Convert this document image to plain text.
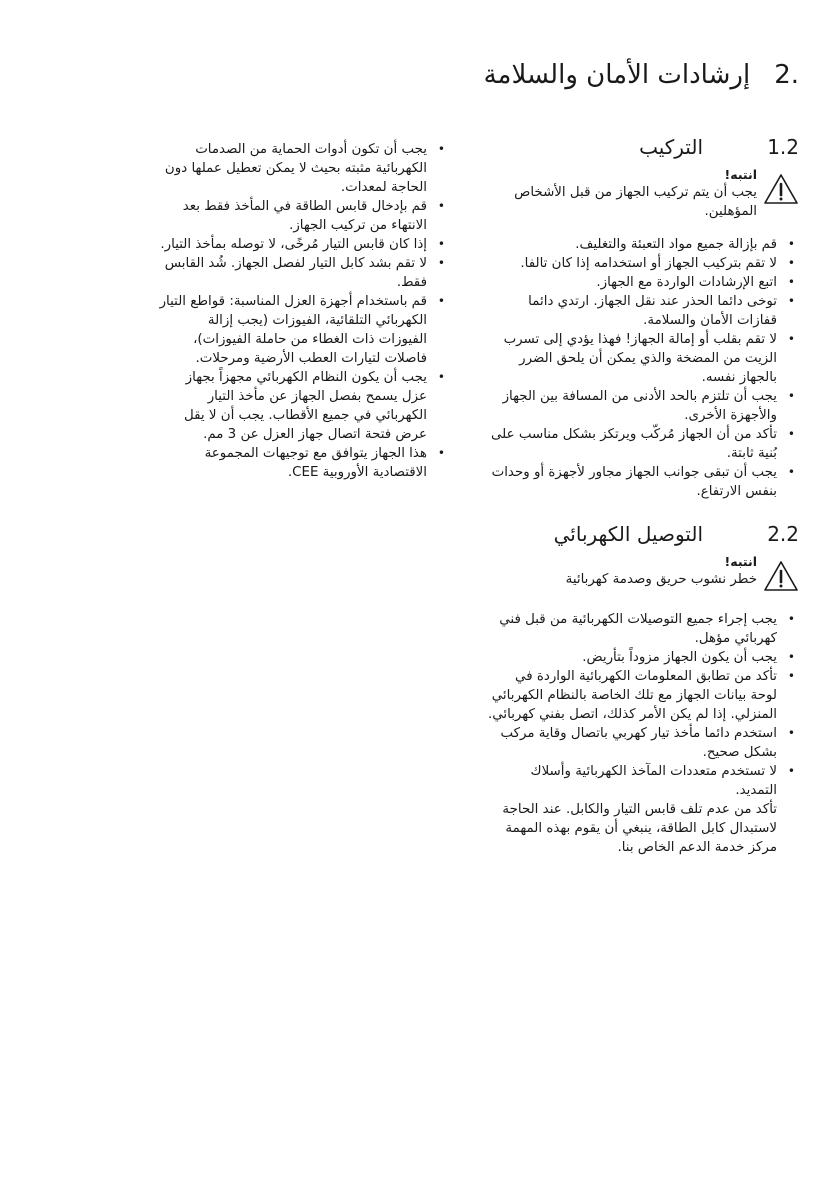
2.
إرشادات الأمان والسلامة
التركيب	1.2
انتبه!
يجب أن يتم تركيب الجهاز من قبل الأشخاص المؤهلين.
• قم بإزالة جميع مواد التعبئة والتغليف.
• لا تقم بتركيب الجهاز أو استخدامه إذا كان تالفا.
• اتبع الإرشادات الواردة مع الجهاز.
• توخى دائما الحذر عند نقل الجهاز. ارتدي دائما قفازات الأمان والسلامة.
• لا تقم بقلب أو إمالة الجهاز! فهذا يؤدي إلى تسرب الزيت من المضخة والذي يمكن أن يلحق الضرر بالجهاز نفسه.
• يجب أن تلتزم بالحد الأدنى من المسافة بين الجهاز والأجهزة الأخرى.
• تأكد من أن الجهاز مُركّب ويرتكز بشكل مناسب على بُنية ثابتة.
• يجب أن تبقى جوانب الجهاز مجاور لأجهزة أو وحدات بنفس الارتفاع.
التوصيل الكهربائي	2.2
انتبه!
خطر نشوب حريق وصدمة كهربائية
• يجب إجراء جميع التوصيلات الكهربائية من قبل فني كهربائي مؤهل.
• يجب أن يكون الجهاز مزوداً بتأريض.
• تأكد من تطابق المعلومات الكهربائية الواردة في لوحة بيانات الجهاز مع تلك الخاصة بالنظام الكهربائي المنزلي. إذا لم يكن الأمر كذلك، اتصل بفني كهربائي.
• استخدم دائما مأخذ تيار كهربي باتصال وقاية مركب بشكل صحيح.
• لا تستخدم متعددات المآخذ الكهربائية وأسلاك التمديد.
تأكد من عدم تلف قابس التيار والكابل. عند الحاجة لاستبدال كابل الطاقة، ينبغي أن يقوم بهذه المهمة مركز خدمة الدعم الخاص بنا.
• يجب أن تكون أدوات الحماية من الصدمات الكهربائية مثبته بحيث لا يمكن تعطيل عملها دون الحاجة لمعدات.
• قم بإدخال قابس الطاقة في المأخذ فقط بعد الانتهاء من تركيب الجهاز.
• إذا كان قابس التيار مُرخًى، لا توصله بمأخذ التيار.
• لا تقم بشد كابل التيار لفصل الجهاز. شُد القابس فقط.
• قم باستخدام أجهزة العزل المناسبة: قواطع التيار الكهربائي التلقائية، الفيوزات (يجب إزالة الفيوزات ذات الغطاء من حاملة الفيوزات)، فاصلات لتيارات العطب الأرضية ومرحلات.
• يجب أن يكون النظام الكهربائي مجهزاً بجهاز عزل يسمح بفصل الجهاز عن مأخذ التيار الكهربائي في جميع الأقطاب. يجب أن لا يقل عرض فتحة اتصال جهاز العزل عن 3 مم.
• هذا الجهاز يتوافق مع توجيهات المجموعة الاقتصادية الأوروبية CEE.
